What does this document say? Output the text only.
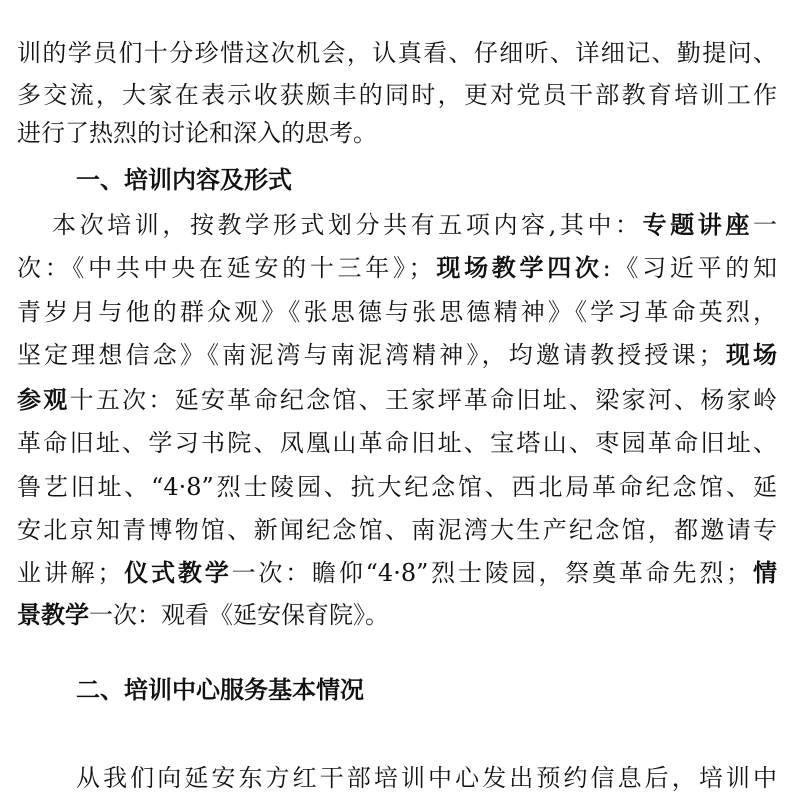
训的学员们十分珍惜这次机会，认真看、仔细听、详细记、勤提问、
多交流，大家在表示收获颇丰的同时，更对党员干部教育培训工作
进行了热烈的讨论和深入的思考。
一、培训内容及形式
本次培训，按教学形式划分共有五项内容,其中：专题讲座一
次：《中共中央在延安的十三年》；现场教学四次:《习近平的知
青岁月与他的群众观》《张思德与张思德精神》《学习革命英烈，
坚定理想信念》《南泥湾与南泥湾精神》，均邀请教授授课；现场
参观十五次：延安革命纪念馆、王家坪革命旧址、梁家河、杨家岭
革命旧址、学习书院、凤凰山革命旧址、宝塔山、枣园革命旧址、
鲁艺旧址、“4·8”烈士陵园、抗大纪念馆、西北局革命纪念馆、延
安北京知青博物馆、新闻纪念馆、南泥湾大生产纪念馆，都邀请专
业讲解；仪式教学一次：瞻仰“4·8”烈士陵园，祭奠革命先烈；情
景教学一次：观看《延安保育院》。
二、培训中心服务基本情况
从我们向延安东方红干部培训中心发出预约信息后，培训中
